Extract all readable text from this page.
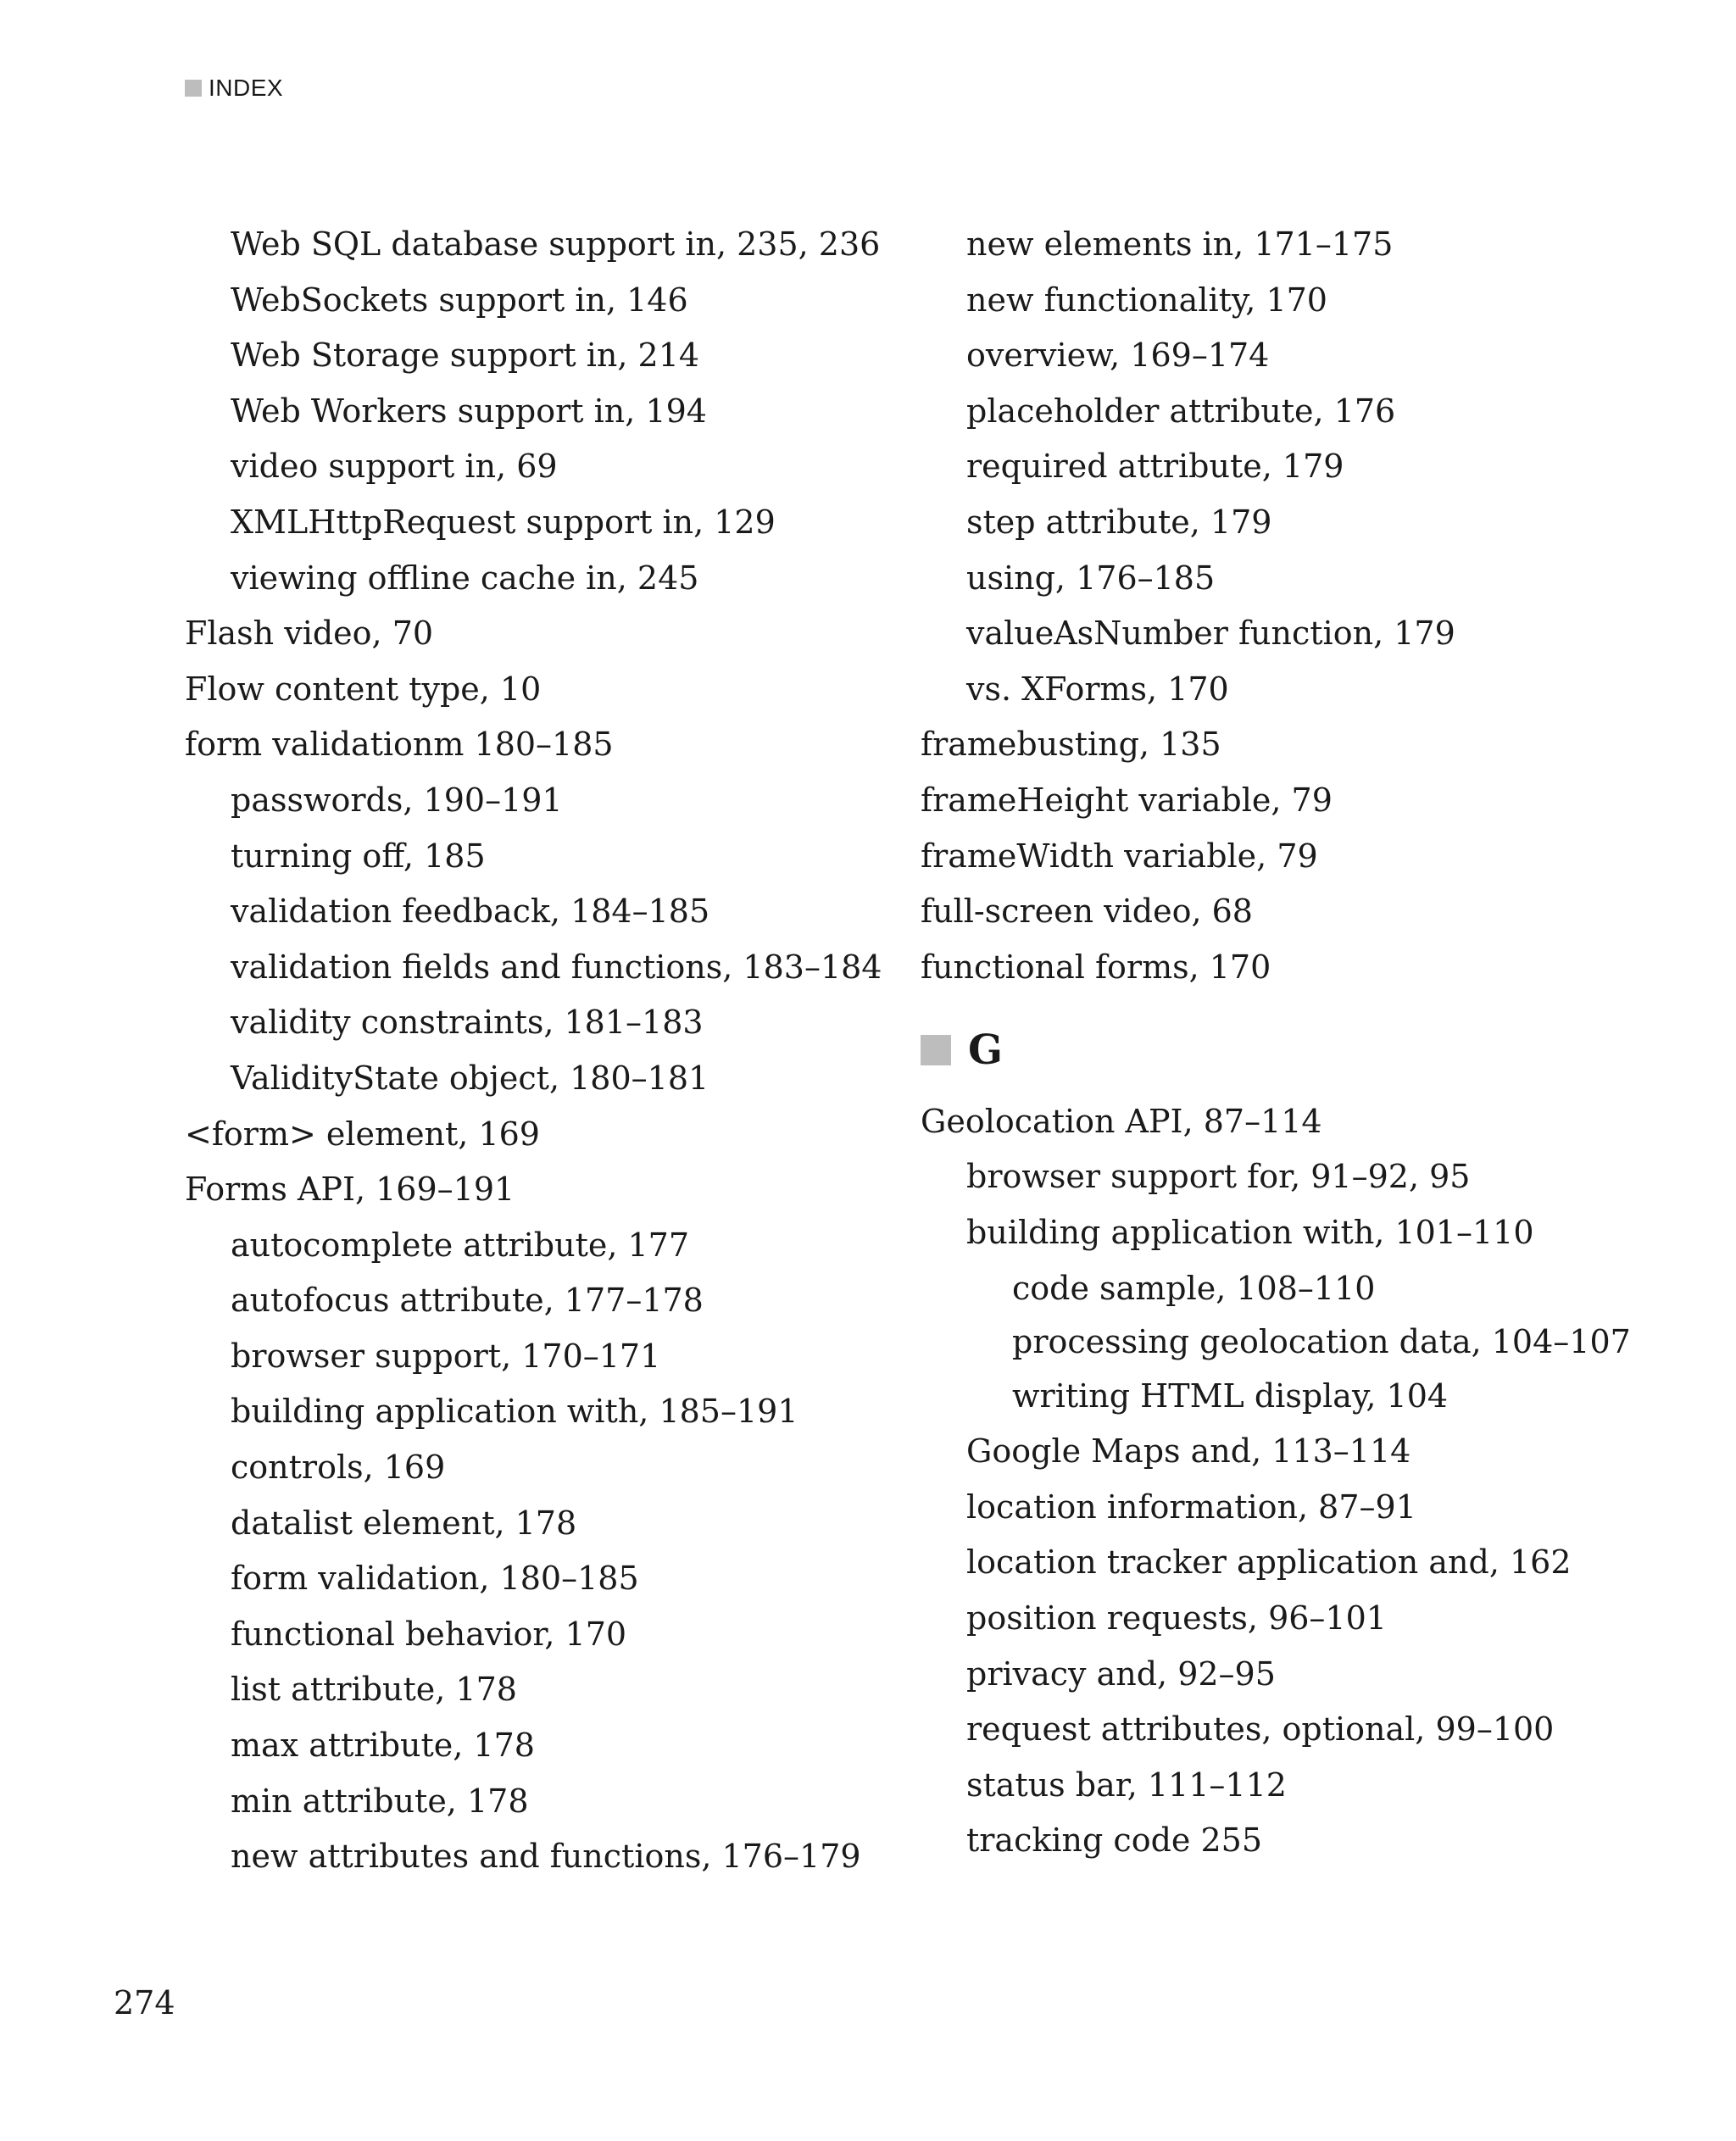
INDEX
Web SQL database support in, 235, 236
WebSockets support in, 146
Web Storage support in, 214
Web Workers support in, 194
video support in, 69
XMLHttpRequest support in, 129
viewing offline cache in, 245
Flash video, 70
Flow content type, 10
form validationm 180–185
passwords, 190–191
turning off, 185
validation feedback, 184–185
validation fields and functions, 183–184
validity constraints, 181–183
ValidityState object, 180–181
<form> element, 169
Forms API, 169–191
autocomplete attribute, 177
autofocus attribute, 177–178
browser support, 170–171
building application with, 185–191
controls, 169
datalist element, 178
form validation, 180–185
functional behavior, 170
list attribute, 178
max attribute, 178
min attribute, 178
new attributes and functions, 176–179
new elements in, 171–175
new functionality, 170
overview, 169–174
placeholder attribute, 176
required attribute, 179
step attribute, 179
using, 176–185
valueAsNumber function, 179
vs. XForms, 170
framebusting, 135
frameHeight variable, 79
frameWidth variable, 79
full-screen video, 68
functional forms, 170
G
Geolocation API, 87–114
browser support for, 91–92, 95
building application with, 101–110
code sample, 108–110
processing geolocation data, 104–107
writing HTML display, 104
Google Maps and, 113–114
location information, 87–91
location tracker application and, 162
position requests, 96–101
privacy and, 92–95
request attributes, optional, 99–100
status bar, 111–112
tracking code 255
274
